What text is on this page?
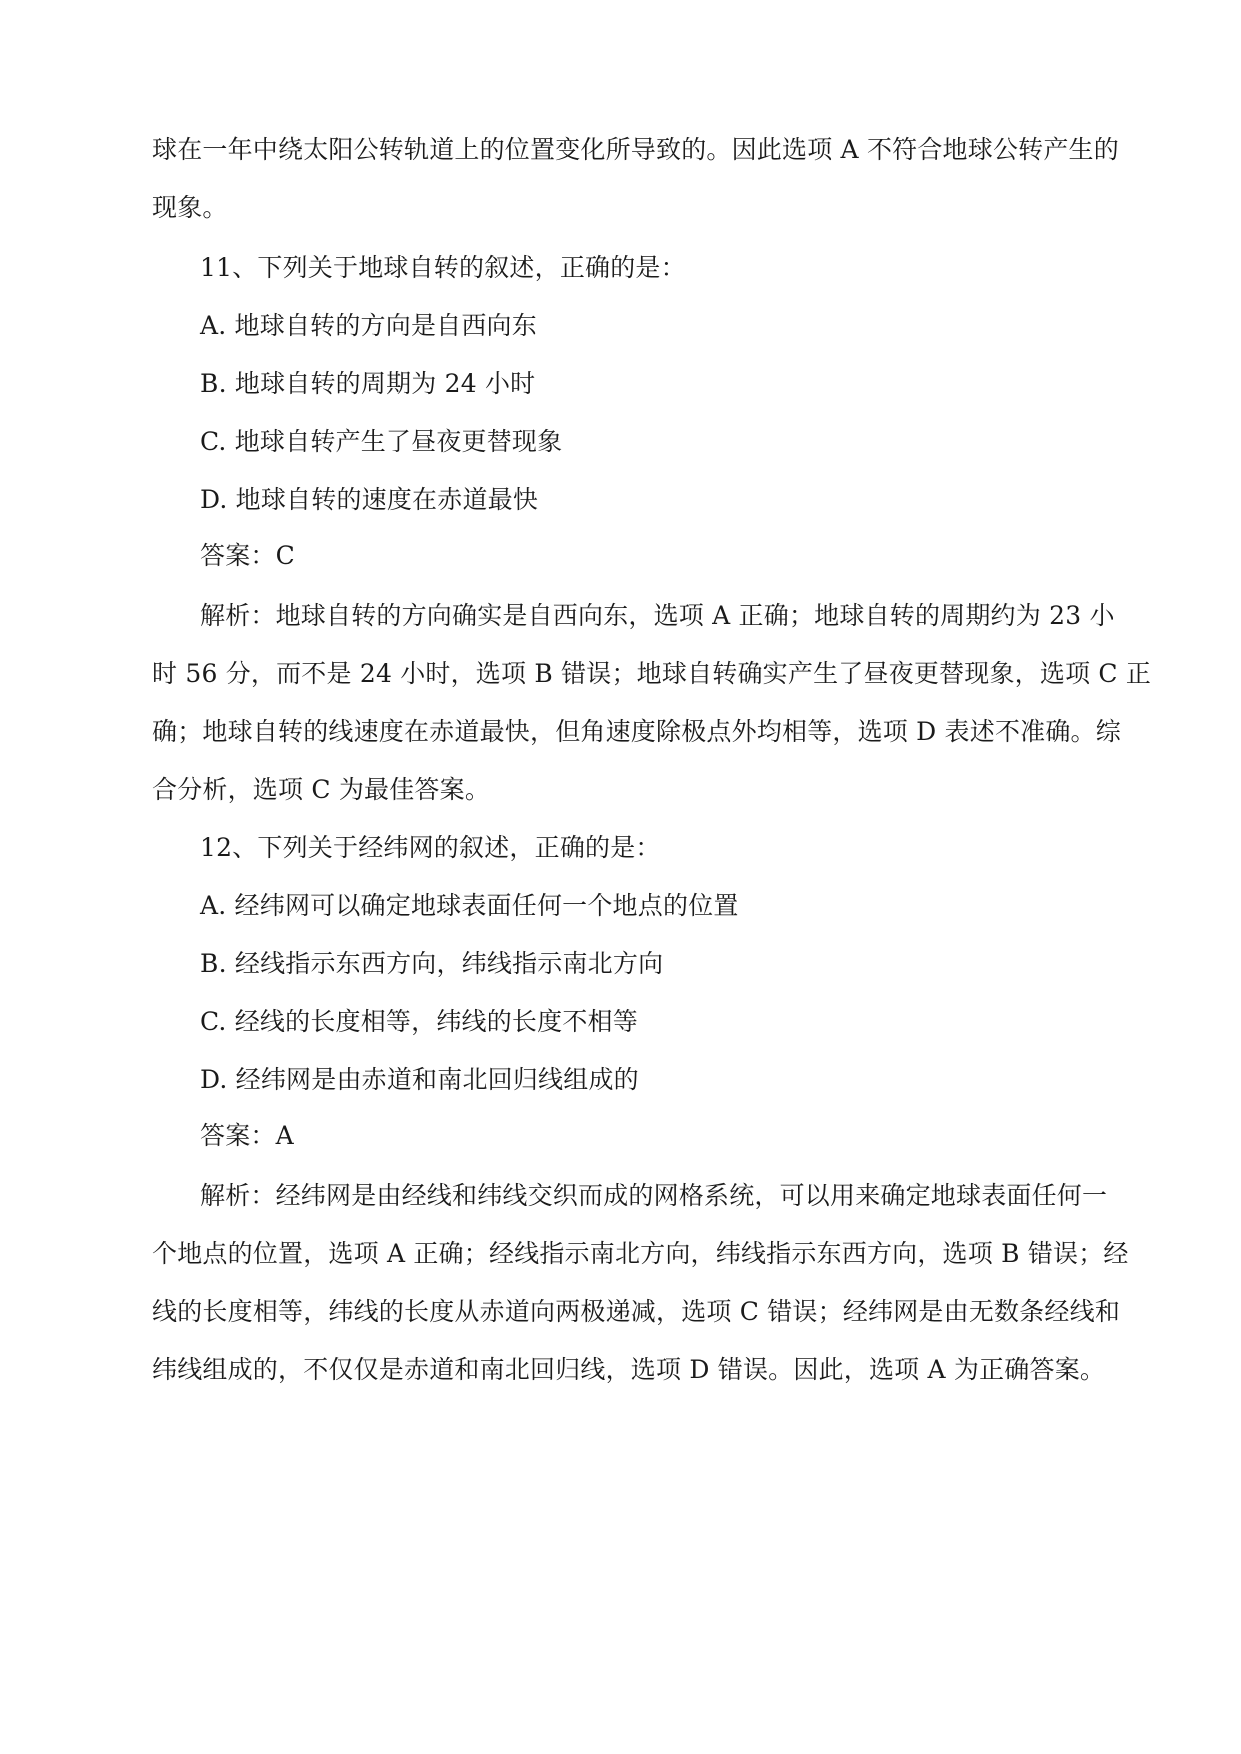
球在一年中绕太阳公转轨道上的位置变化所导致的。因此选项 A 不符合地球公转产生的
现象。
11、下列关于地球自转的叙述，正确的是：
A. 地球自转的方向是自西向东
B. 地球自转的周期为 24 小时
C. 地球自转产生了昼夜更替现象
D. 地球自转的速度在赤道最快
答案：C
解析：地球自转的方向确实是自西向东，选项 A 正确；地球自转的周期约为 23 小
时 56 分，而不是 24 小时，选项 B 错误；地球自转确实产生了昼夜更替现象，选项 C 正
确；地球自转的线速度在赤道最快，但角速度除极点外均相等，选项 D 表述不准确。综
合分析，选项 C 为最佳答案。
12、下列关于经纬网的叙述，正确的是：
A. 经纬网可以确定地球表面任何一个地点的位置
B. 经线指示东西方向，纬线指示南北方向
C. 经线的长度相等，纬线的长度不相等
D. 经纬网是由赤道和南北回归线组成的
答案：A
解析：经纬网是由经线和纬线交织而成的网格系统，可以用来确定地球表面任何一
个地点的位置，选项 A 正确；经线指示南北方向，纬线指示东西方向，选项 B 错误；经
线的长度相等，纬线的长度从赤道向两极递减，选项 C 错误；经纬网是由无数条经线和
纬线组成的，不仅仅是赤道和南北回归线，选项 D 错误。因此，选项 A 为正确答案。
